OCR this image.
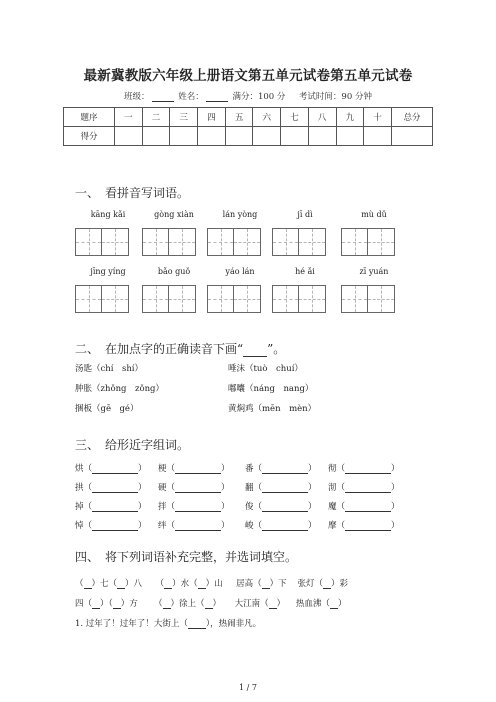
最新冀教版六年级上册语文第五单元试卷第五单元试卷
班级：	姓名：	满分：100 分 考试时间：90 分钟
题序	一	二	三	四	五	六	七	八	九	十	总分
得分											
一、　看拼音写词语。
kāng kǎi	gòng xiàn	lán yòng	jī dì	mù dǔ
jīng yíng	bǎo guǒ	yáo lán	hé ǎi	zī yuán
二、　在加点字的正确读音下画“ ”。
汤匙（chí　shí）	唾沫（tuò　chuí）
肿胀（zhǒng　zǒng）	嘟囔（náng　nang）
捆板（gē　gé）	黄焖鸡（mēn　mèn）
三、　给形近字组词。
烘（	） 梗（	） 番（	） 彻（	）
拱（	） 硬（	） 翻（	） 沏（	）
掉（	） 拌（	） 俊（	） 魔（	）
悼（	） 绊（	） 峻（	） 摩（	）
四、　将下列词语补充完整，并选词填空。
（ ）七（ ）八 （ ）水（ ）山 居高（ ）下 张灯（ ）彩
四（ ）（ ）方 （ ）徐上（ ） 大江南（ ） 热血沸（ ）
1. 过年了！过年了！大街上（ ），热闹非凡。
1 / 7
